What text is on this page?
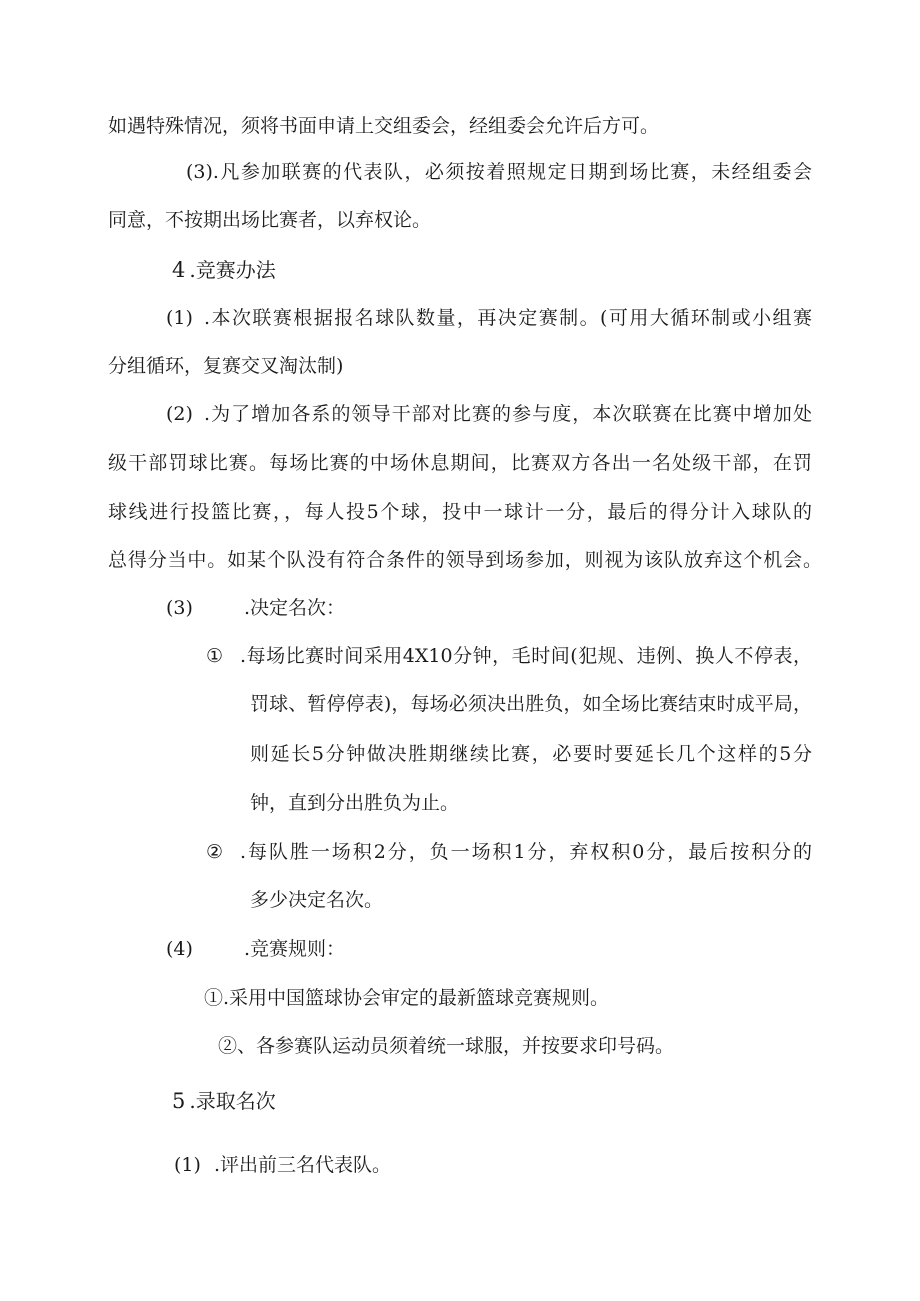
如遇特殊情况，须将书面申请上交组委会，经组委会允许后方可。
(3).凡参加联赛的代表队，必须按着照规定日期到场比赛，未经组委会
同意，不按期出场比赛者，以弃权论。
4 .竞赛办法
(1) .本次联赛根据报名球队数量，再决定赛制。(可用大循环制或小组赛
分组循环，复赛交叉淘汰制)
(2) .为了增加各系的领导干部对比赛的参与度，本次联赛在比赛中增加处
级干部罚球比赛。每场比赛的中场休息期间，比赛双方各出一名处级干部，在罚
球线进行投篮比赛，，每人投5个球，投中一球计一分，最后的得分计入球队的
总得分当中。如某个队没有符合条件的领导到场参加，则视为该队放弃这个机会。
(3)	.决定名次：
① .每场比赛时间采用4X10分钟，毛时间(犯规、违例、换人不停表，
罚球、暂停停表)，每场必须决出胜负，如全场比赛结束时成平局，
则延长5分钟做决胜期继续比赛，必要时要延长几个这样的5分
钟，直到分出胜负为止。
② .每队胜一场积2分，负一场积1分，弃权积0分，最后按积分的
多少决定名次。
(4)	.竞赛规则：
①.采用中国篮球协会审定的最新篮球竞赛规则。
②、各参赛队运动员须着统一球服，并按要求印号码。
5 .录取名次
(1) .评出前三名代表队。
